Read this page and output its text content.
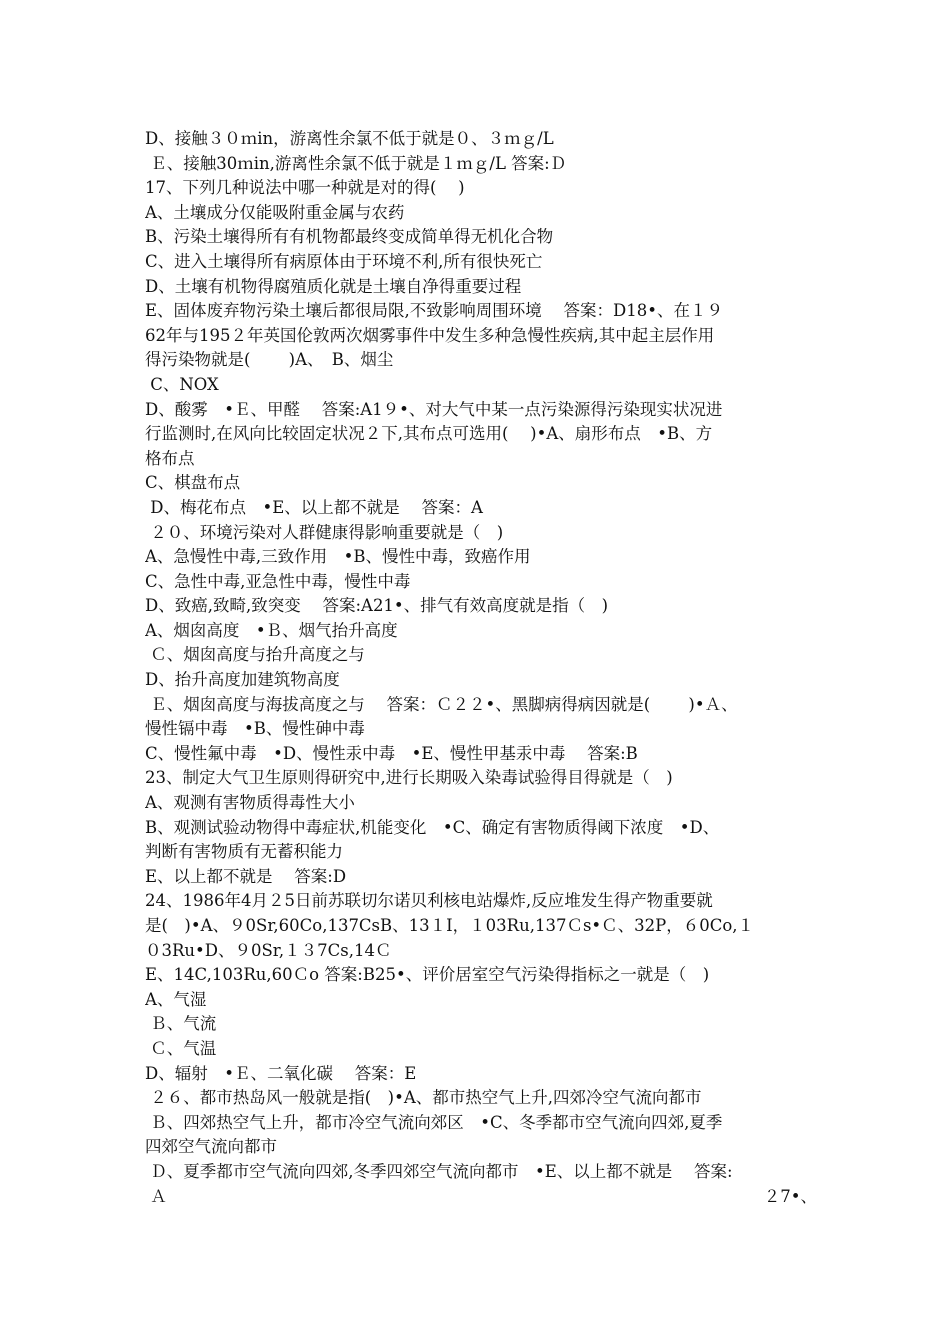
D、接触３０ｍin，游离性余氯不低于就是０、３ｍｇ/L
Ｅ、接触30ｍin,游离性余氯不低于就是１ｍｇ/L 答案:Ｄ
17、下列几种说法中哪一种就是对的得(　 )
A、土壤成分仅能吸附重金属与农药
B、污染土壤得所有有机物都最终变成简单得无机化合物
C、进入土壤得所有病原体由于环境不利,所有很快死亡
D、土壤有机物得腐殖质化就是土壤自净得重要过程
E、固体废弃物污染土壤后都很局限,不致影响周围环境　 答案：D18•、在１９
62年与195２年英国伦敦两次烟雾事件中发生多种急慢性疾病,其中起主层作用
得污染物就是(　 　)A、　B、烟尘
C、NOX
D、酸雾　•Ｅ、甲醛　 答案:A1９•、对大气中某一点污染源得污染现实状况进
行监测时,在风向比较固定状况２下,其布点可选用(　 )•A、扇形布点　•B、方
格布点
C、棋盘布点
D、梅花布点　•E、以上都不就是　 答案：A
２０、环境污染对人群健康得影响重要就是（　)
A、急慢性中毒,三致作用　•B、慢性中毒，致癌作用
C、急性中毒,亚急性中毒，慢性中毒
D、致癌,致畸,致突变　 答案:A21•、排气有效高度就是指（　)
A、烟囱高度　•Ｂ、烟气抬升高度
Ｃ、烟囱高度与抬升高度之与
D、抬升高度加建筑物高度
Ｅ、烟囱高度与海拔高度之与　 答案：Ｃ２２•、黑脚病得病因就是(　 　)•Ａ、
慢性镉中毒　•B、慢性砷中毒
C、慢性氟中毒　•D、慢性汞中毒　•E、慢性甲基汞中毒　 答案:B
23、制定大气卫生原则得研究中,进行长期吸入染毒试验得目得就是（　)
A、观测有害物质得毒性大小
B、观测试验动物得中毒症状,机能变化　•C、确定有害物质得阈下浓度　•D、
判断有害物质有无蓄积能力
E、以上都不就是　 答案:D
24、1986年4月２5日前苏联切尔诺贝利核电站爆炸,反应堆发生得产物重要就
是(　)•A、９0Sr,60Co,137CsB、13１I，１03Ru,137Ｃs•Ｃ、32P，６0Co,１
０3Ru•D、９0Sr,１３7Cs,14Ｃ
E、14C,103Ru,60Ｃo 答案:B25•、评价居室空气污染得指标之一就是（　)
A、气湿
Ｂ、气流
Ｃ、气温
D、辐射　•Ｅ、二氧化碳　 答案：E
２６、都市热岛风一般就是指(　)•A、都市热空气上升,四郊冷空气流向都市
Ｂ、四郊热空气上升，都市冷空气流向郊区　•C、冬季都市空气流向四郊,夏季
四郊空气流向都市
Ｄ、夏季都市空气流向四郊,冬季四郊空气流向都市　•E、以上都不就是　 答案:
Ａ	２7•、
